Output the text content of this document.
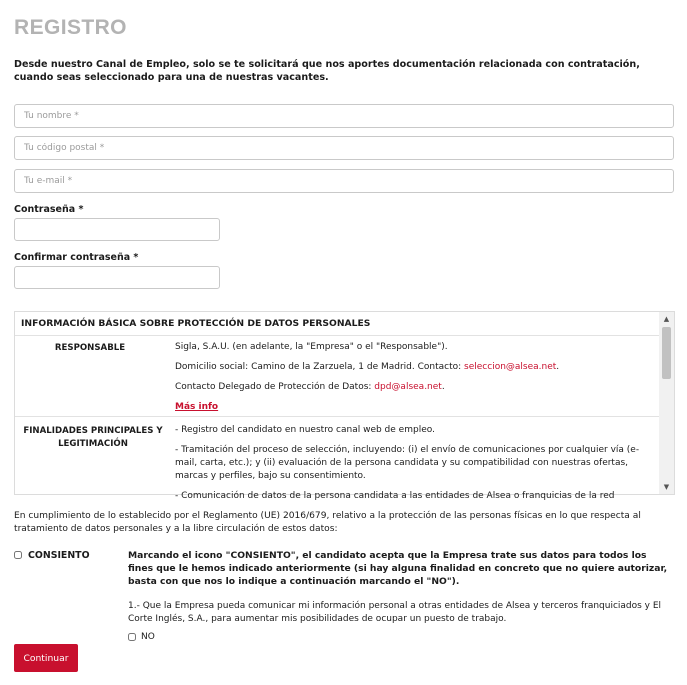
REGISTRO

Desde nuestro Canal de Empleo, solo se te solicitará que nos aportes documentación relacionada con contratación, cuando seas seleccionado para una de nuestras vacantes.

Tu nombre *
Tu código postal *
Tu e-mail *
Contraseña *
Confirmar contraseña *
INFORMACIÓN BÁSICA SOBRE PROTECCIÓN DE DATOS PERSONALES
RESPONSABLE	Sigla, S.A.U. (en adelante, la "Empresa" o el "Responsable").

Domicilio social: Camino de la Zarzuela, 1 de Madrid. Contacto: seleccion@alsea.net.

Contacto Delegado de Protección de Datos: dpd@alsea.net.

Más info

FINALIDADES PRINCIPALES Y LEGITIMACIÓN

- Registro del candidato en nuestro canal web de empleo.

- Tramitación del proceso de selección, incluyendo: (i) el envío de comunicaciones por cualquier vía (e-mail, carta, etc.); y (ii) evaluación de la persona candidata y su compatibilidad con nuestras ofertas, marcas y perfiles, bajo su consentimiento.

- Comunicación de datos de la persona candidata a las entidades de Alsea o franquicias de la red

▲
▼

En cumplimiento de lo establecido por el Reglamento (UE) 2016/679, relativo a la protección de las personas físicas en lo que respecta al tratamiento de datos personales y a la libre circulación de estos datos:

CONSIENTO	Marcando el icono "CONSIENTO", el candidato acepta que la Empresa trate sus datos para todos los fines que le hemos indicado anteriormente (si hay alguna finalidad en concreto que no quiere autorizar, basta con que nos lo indique a continuación marcando el "NO").

1.- Que la Empresa pueda comunicar mi información personal a otras entidades de Alsea y terceros franquiciados y El Corte Inglés, S.A., para aumentar mis posibilidades de ocupar un puesto de trabajo.

NO
Continuar
